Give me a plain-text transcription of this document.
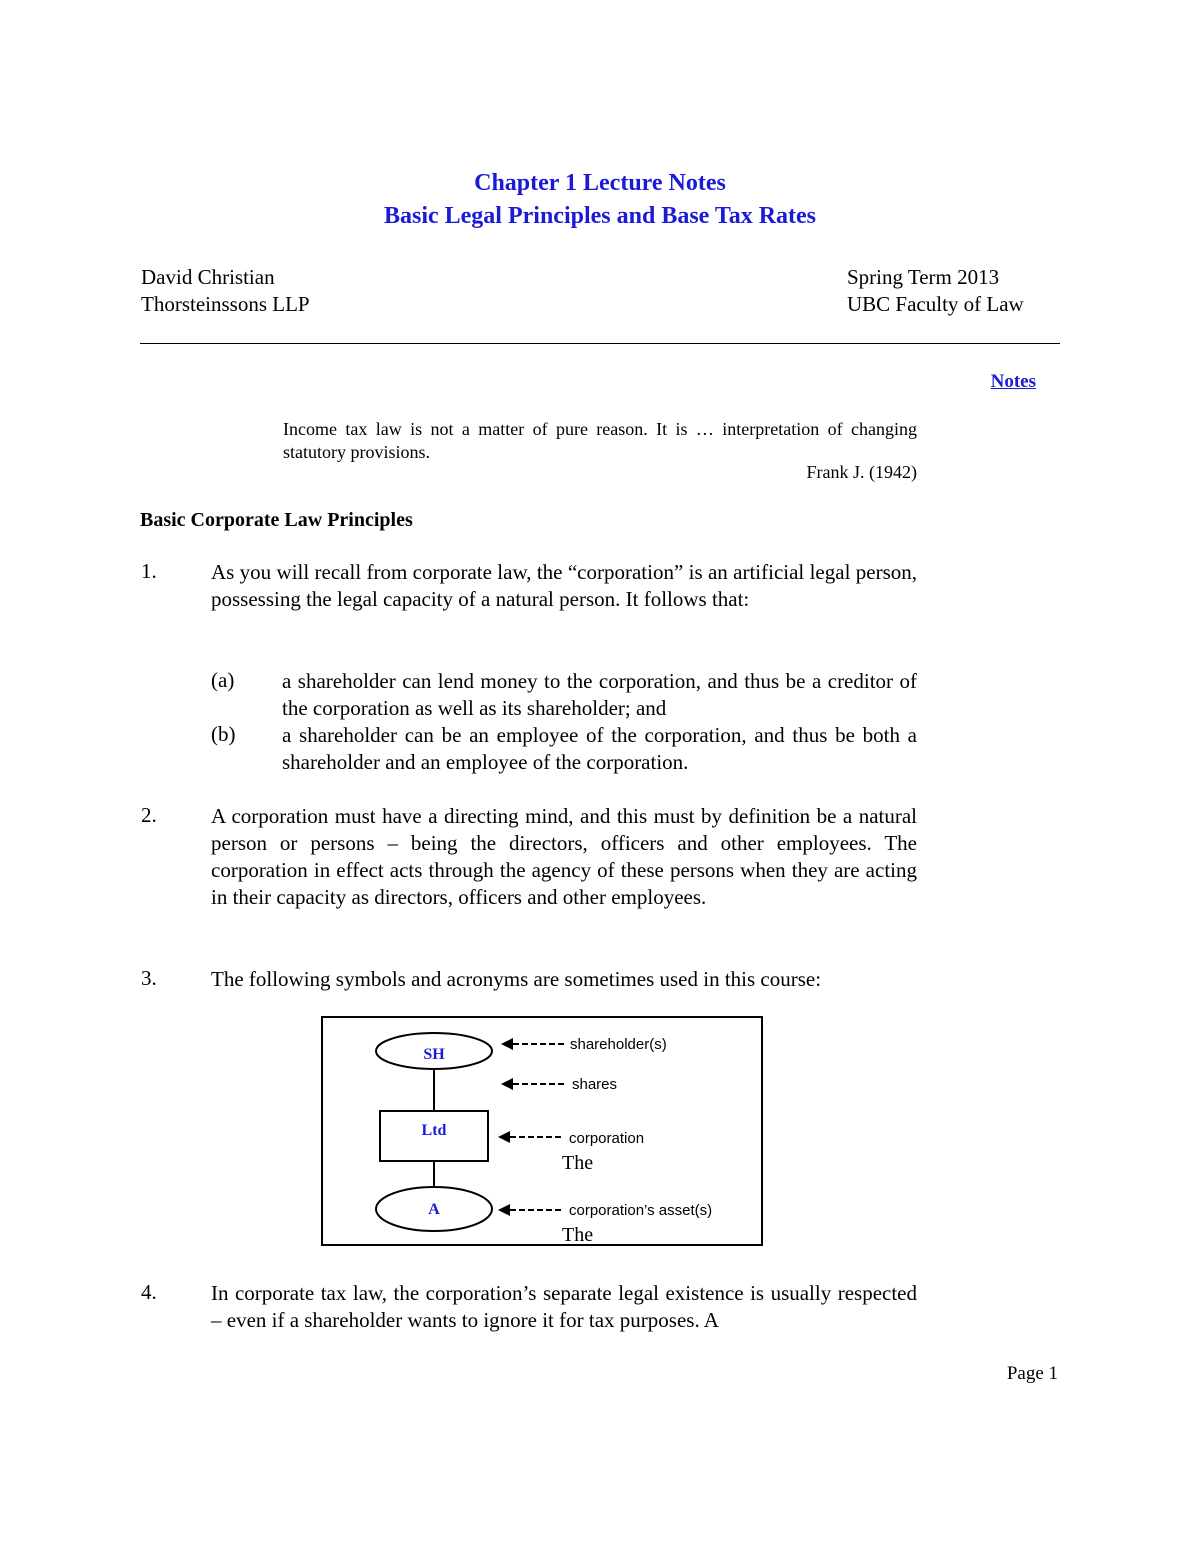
Chapter 1 Lecture Notes
Basic Legal Principles and Base Tax Rates
David Christian
Thorsteinssons LLP
Spring Term 2013
UBC Faculty of Law
Notes
Income tax law is not a matter of pure reason. It is … interpretation of changing statutory provisions.
Frank J. (1942)
Basic Corporate Law Principles
1.	As you will recall from corporate law, the “corporation” is an artificial legal person, possessing the legal capacity of a natural person. It follows that:
(a) a shareholder can lend money to the corporation, and thus be a creditor of the corporation as well as its shareholder; and
(b) a shareholder can be an employee of the corporation, and thus be both a shareholder and an employee of the corporation.
2.	A corporation must have a directing mind, and this must by definition be a natural person or persons – being the directors, officers and other employees. The corporation in effect acts through the agency of these persons when they are acting in their capacity as directors, officers and other employees.
3.	The following symbols and acronyms are sometimes used in this course:
SH
Ltd
A
shareholder(s)
shares
corporation
The
corporation’s asset(s)
The
4.	In corporate tax law, the corporation’s separate legal existence is usually respected – even if a shareholder wants to ignore it for tax purposes. A
Page 1
